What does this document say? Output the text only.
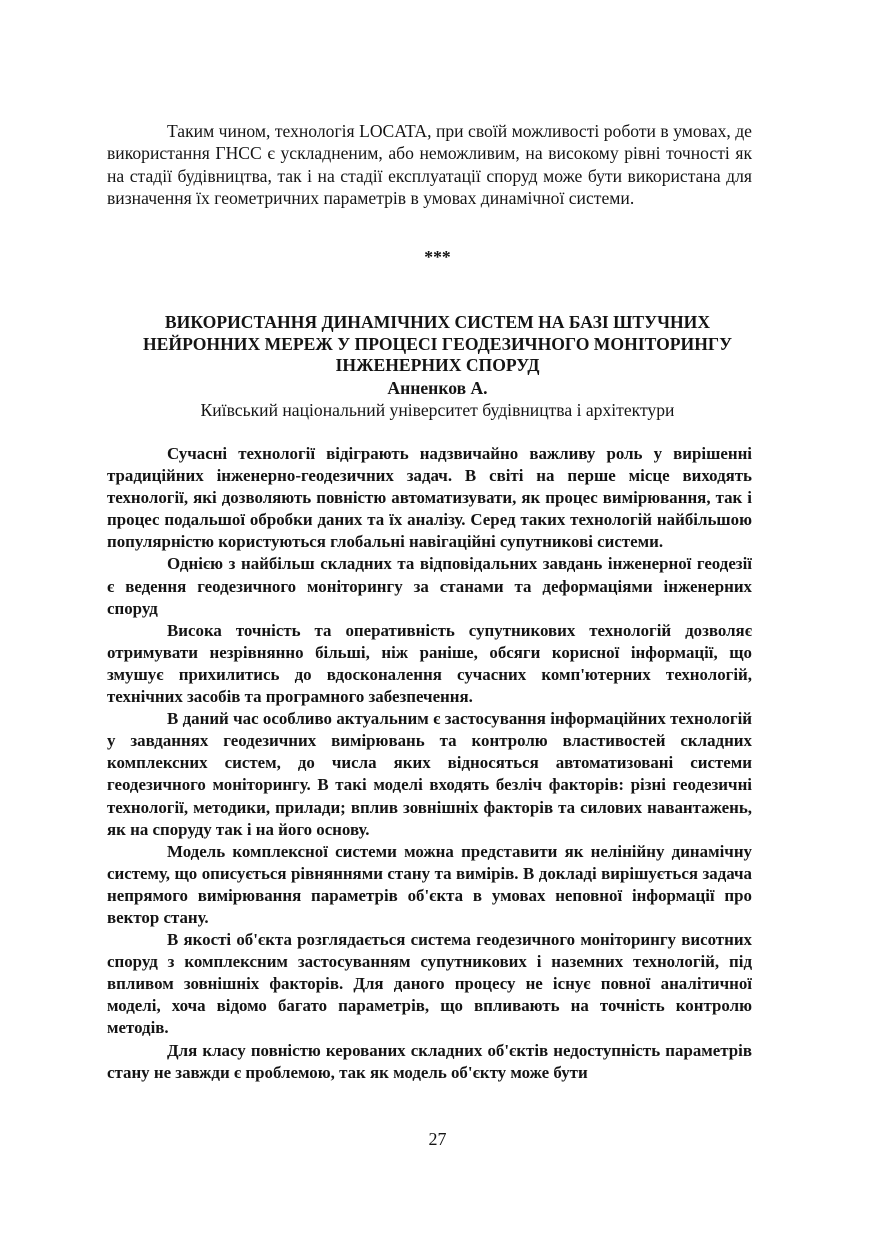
Таким чином, технологія LOCATA, при своїй можливості роботи в умовах, де використання ГНСС є ускладненим, або неможливим, на високому рівні точності як на стадії будівництва, так і на стадії експлуатації споруд може бути використана для визначення їх геометричних параметрів в умовах динамічної системи.

***

ВИКОРИСТАННЯ ДИНАМІЧНИХ СИСТЕМ НА БАЗІ ШТУЧНИХ

НЕЙРОННИХ МЕРЕЖ У ПРОЦЕСІ ГЕОДЕЗИЧНОГО МОНІТОРИНГУ

ІНЖЕНЕРНИХ СПОРУД

Анненков А.

Київський національний університет будівництва і архітектури

Сучасні технології відіграють надзвичайно важливу роль у вирішенні традиційних інженерно-геодезичних задач. В світі на перше місце виходять технології, які дозволяють повністю автоматизувати, як процес вимірювання, так і процес подальшої обробки даних та їх аналізу. Серед таких технологій найбільшою популярністю користуються глобальні навігаційні супутникові системи.

Однією з найбільш складних та відповідальних завдань інженерної геодезії є ведення геодезичного моніторингу за станами та деформаціями інженерних споруд

Висока точність та оперативність супутникових технологій дозволяє отримувати незрівнянно більші, ніж раніше, обсяги корисної інформації, що змушує прихилитись до вдосконалення сучасних комп'ютерних технологій, технічних засобів та програмного забезпечення.

В даний час особливо актуальним є застосування інформаційних технологій у завданнях геодезичних вимірювань та контролю властивостей складних комплексних систем, до числа яких відносяться автоматизовані системи геодезичного моніторингу. В такі моделі входять безліч факторів: різні геодезичні технології, методики, прилади; вплив зовнішніх факторів та силових навантажень, як на споруду так і на його основу.

Модель комплексної системи можна представити як нелінійну динамічну систему, що описується рівняннями стану та вимірів. В докладі вирішується задача непрямого вимірювання параметрів об'єкта в умовах неповної інформації про вектор стану.

В якості об'єкта розглядається система геодезичного моніторингу висотних споруд з комплексним застосуванням супутникових і наземних технологій, під впливом зовнішніх факторів. Для даного процесу не існує повної аналітичної моделі, хоча відомо багато параметрів, що впливають на точність контролю методів.

Для класу повністю керованих складних об'єктів недоступність параметрів стану не завжди є проблемою, так як модель об'єкту може бути

27
